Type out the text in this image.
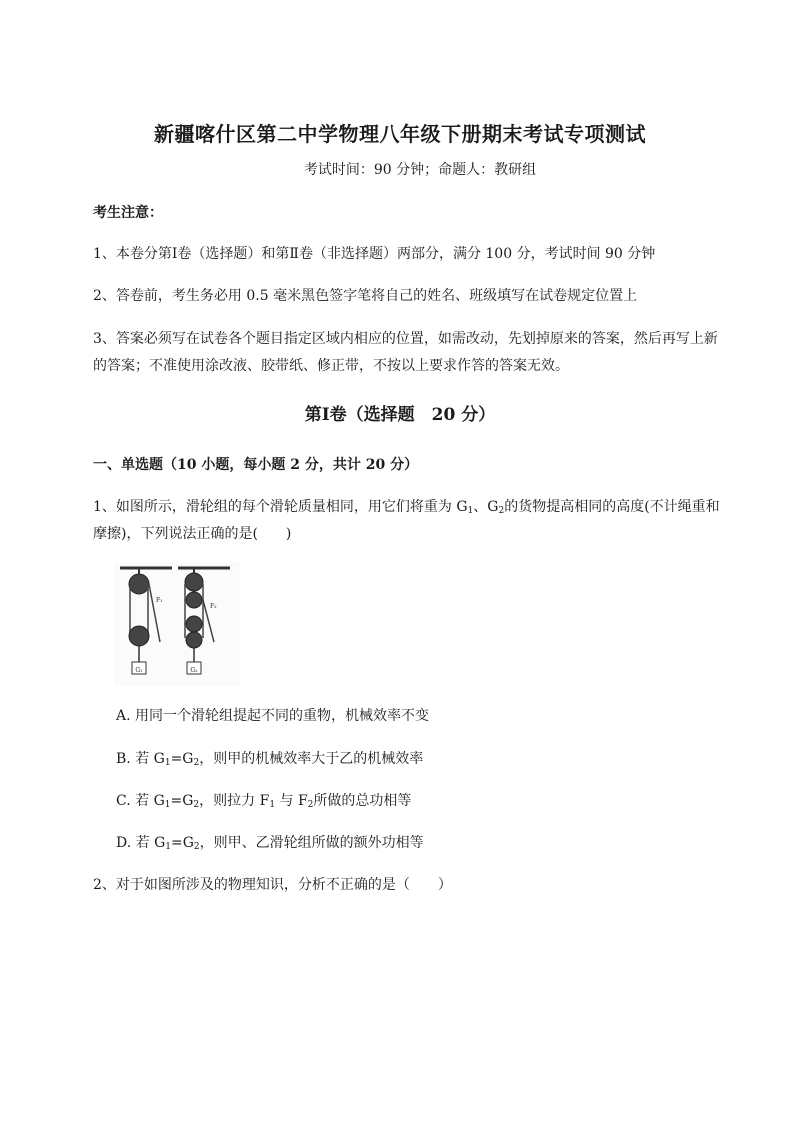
新疆喀什区第二中学物理八年级下册期末考试专项测试
考试时间：90 分钟；命题人：教研组
考生注意：
1、本卷分第Ⅰ卷（选择题）和第Ⅱ卷（非选择题）两部分，满分 100 分，考试时间 90 分钟
2、答卷前，考生务必用 0.5 毫米黑色签字笔将自己的姓名、班级填写在试卷规定位置上
3、答案必须写在试卷各个题目指定区域内相应的位置，如需改动，先划掉原来的答案，然后再写上新
的答案；不准使用涂改液、胶带纸、修正带，不按以上要求作答的答案无效。
第Ⅰ卷（选择题　20 分）
一、单选题（10 小题，每小题 2 分，共计 20 分）
1、如图所示，滑轮组的每个滑轮质量相同，用它们将重为 $G_1$、$G_2$的货物提高相同的高度(不计绳重和
摩擦)，下列说法正确的是(　　)
G₁
F₁
G₂
F₂
A. 用同一个滑轮组提起不同的重物，机械效率不变
B. 若 $G_1=G_2$，则甲的机械效率大于乙的机械效率
C. 若 $G_1=G_2$，则拉力 $F_1$ 与 $F_2$所做的总功相等
D. 若 $G_1=G_2$，则甲、乙滑轮组所做的额外功相等
2、对于如图所涉及的物理知识，分析不正确的是（　　）
